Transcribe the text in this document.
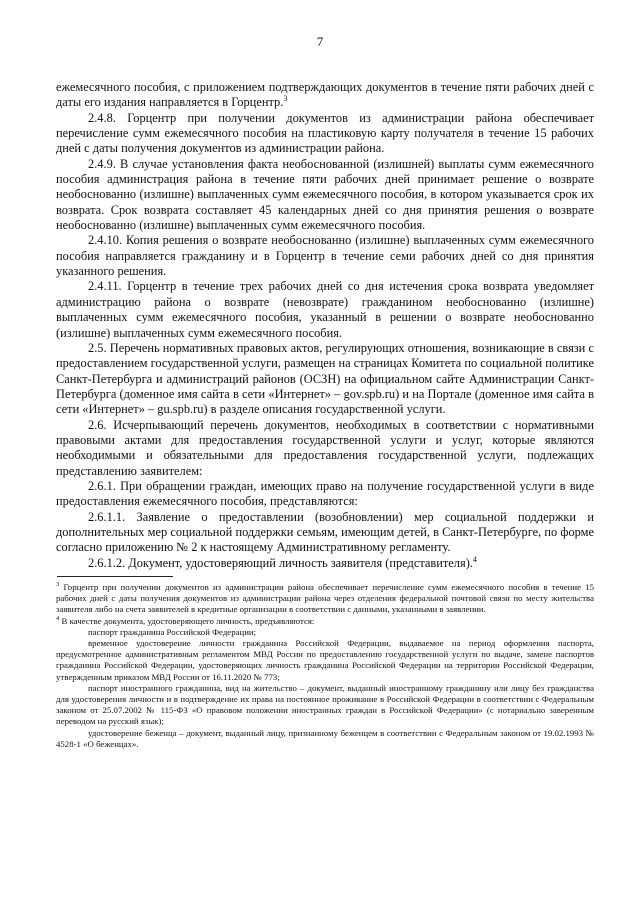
7

ежемесячного пособия, с приложением подтверждающих документов в течение пяти рабочих дней с даты его издания направляется в Горцентр.$^3$

2.4.8. Горцентр при получении документов из администрации района обеспечивает перечисление сумм ежемесячного пособия на пластиковую карту получателя в течение 15 рабочих дней с даты получения документов из администрации района.

2.4.9. В случае установления факта необоснованной (излишней) выплаты сумм ежемесячного пособия администрация района в течение пяти рабочих дней принимает решение о возврате необоснованно (излишне) выплаченных сумм ежемесячного пособия, в котором указывается срок их возврата. Срок возврата составляет 45 календарных дней со дня принятия решения о возврате необоснованно (излишне) выплаченных сумм ежемесячного пособия.

2.4.10. Копия решения о возврате необоснованно (излишне) выплаченных сумм ежемесячного пособия направляется гражданину и в Горцентр в течение семи рабочих дней со дня принятия указанного решения.

2.4.11. Горцентр в течение трех рабочих дней со дня истечения срока возврата уведомляет администрацию района о возврате (невозврате) гражданином необоснованно (излишне) выплаченных сумм ежемесячного пособия, указанный в решении о возврате необоснованно (излишне) выплаченных сумм ежемесячного пособия.

2.5. Перечень нормативных правовых актов, регулирующих отношения, возникающие в связи с предоставлением государственной услуги, размещен на страницах Комитета по социальной политике Санкт-Петербурга и администраций районов (ОСЗН) на официальном сайте Администрации Санкт-Петербурга (доменное имя сайта в сети «Интернет» – gov.spb.ru) и на Портале (доменное имя сайта в сети «Интернет» – gu.spb.ru) в разделе описания государственной услуги.

2.6. Исчерпывающий перечень документов, необходимых в соответствии с нормативными правовыми актами для предоставления государственной услуги и услуг, которые являются необходимыми и обязательными для предоставления государственной услуги, подлежащих представлению заявителем:

2.6.1. При обращении граждан, имеющих право на получение государственной услуги в виде предоставления ежемесячного пособия, представляются:

2.6.1.1. Заявление о предоставлении (возобновлении) мер социальной поддержки и дополнительных мер социальной поддержки семьям, имеющим детей, в Санкт-Петербурге, по форме согласно приложению № 2 к настоящему Административному регламенту.

2.6.1.2. Документ, удостоверяющий личность заявителя (представителя).$^4$

$^3$ Горцентр при получении документов из администрации района обеспечивает перечисление сумм ежемесячного пособия в течение 15 рабочих дней с даты получения документов из администрации района через отделения федеральной почтовой связи по месту жительства заявителя либо на счета заявителей в кредитные организации в соответствии с данными, указанными в заявлении.

$^4$ В качестве документа, удостоверяющего личность, предъявляются:

паспорт гражданина Российской Федерации;

временное удостоверение личности гражданина Российской Федерации, выдаваемое на период оформления паспорта, предусмотренное административным регламентом МВД России по предоставлению государственной услуги по выдаче, замене паспортов гражданина Российской Федерации, удостоверяющих личность гражданина Российской Федерации на территории Российской Федерации, утвержденным приказом МВД России от 16.11.2020 № 773;

паспорт иностранного гражданина, вид на жительство – документ, выданный иностранному гражданину или лицу без гражданства для удостоверения личности и в подтверждение их права на постоянное проживание в Российской Федерации в соответствии с Федеральным законом от 25.07.2002 № 115-ФЗ «О правовом положении иностранных граждан в Российской Федерации» (с нотариально заверенным переводом на русский язык);

удостоверение беженца – документ, выданный лицу, признанному беженцем в соответствии с Федеральным законом от 19.02.1993 № 4528-1 «О беженцах».
